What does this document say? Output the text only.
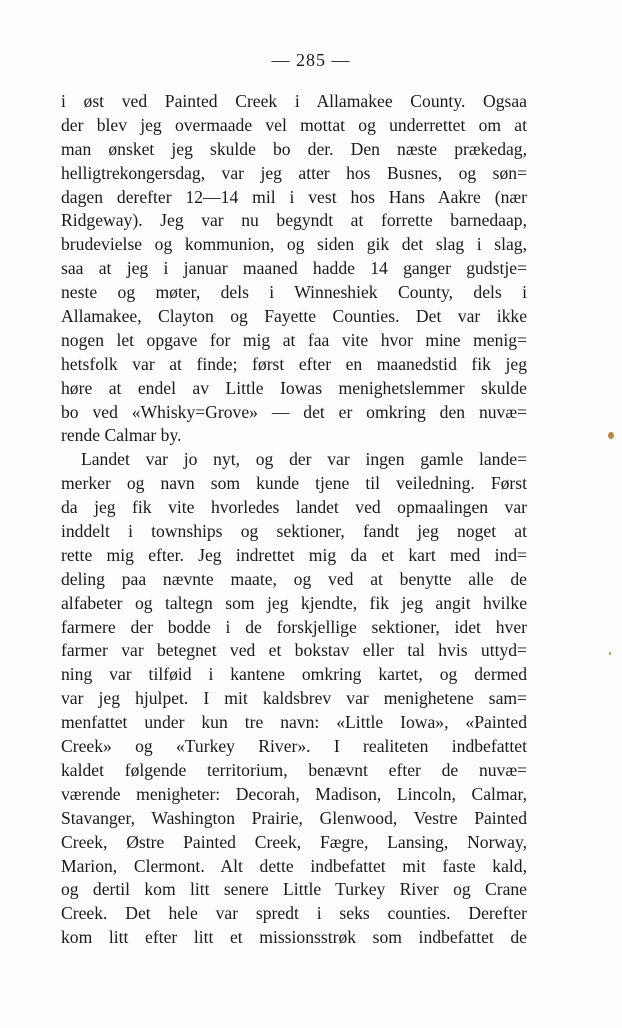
— 285 —
i øst ved Painted Creek i Allamakee County. Ogsaa
der blev jeg overmaade vel mottat og underrettet om at
man ønsket jeg skulde bo der. Den næste prækedag,
helligtrekongersdag, var jeg atter hos Busnes, og søn=
dagen derefter 12—14 mil i vest hos Hans Aakre (nær
Ridgeway). Jeg var nu begyndt at forrette barnedaap,
brudevielse og kommunion, og siden gik det slag i slag,
saa at jeg i januar maaned hadde 14 ganger gudstje=
neste og møter, dels i Winneshiek County, dels i
Allamakee, Clayton og Fayette Counties. Det var ikke
nogen let opgave for mig at faa vite hvor mine menig=
hetsfolk var at finde; først efter en maanedstid fik jeg
høre at endel av Little Iowas menighetslemmer skulde
bo ved «Whisky=Grove» — det er omkring den nuvæ=
rende Calmar by.
Landet var jo nyt, og der var ingen gamle lande=
merker og navn som kunde tjene til veiledning. Først
da jeg fik vite hvorledes landet ved opmaalingen var
inddelt i townships og sektioner, fandt jeg noget at
rette mig efter. Jeg indrettet mig da et kart med ind=
deling paa nævnte maate, og ved at benytte alle de
alfabeter og taltegn som jeg kjendte, fik jeg angit hvilke
farmere der bodde i de forskjellige sektioner, idet hver
farmer var betegnet ved et bokstav eller tal hvis uttyd=
ning var tilføid i kantene omkring kartet, og dermed
var jeg hjulpet. I mit kaldsbrev var menighetene sam=
menfattet under kun tre navn: «Little Iowa», «Painted
Creek» og «Turkey River». I realiteten indbefattet
kaldet følgende territorium, benævnt efter de nuvæ=
værende menigheter: Decorah, Madison, Lincoln, Calmar,
Stavanger, Washington Prairie, Glenwood, Vestre Painted
Creek, Østre Painted Creek, Fægre, Lansing, Norway,
Marion, Clermont. Alt dette indbefattet mit faste kald,
og dertil kom litt senere Little Turkey River og Crane
Creek. Det hele var spredt i seks counties. Derefter
kom litt efter litt et missionsstrøk som indbefattet de
